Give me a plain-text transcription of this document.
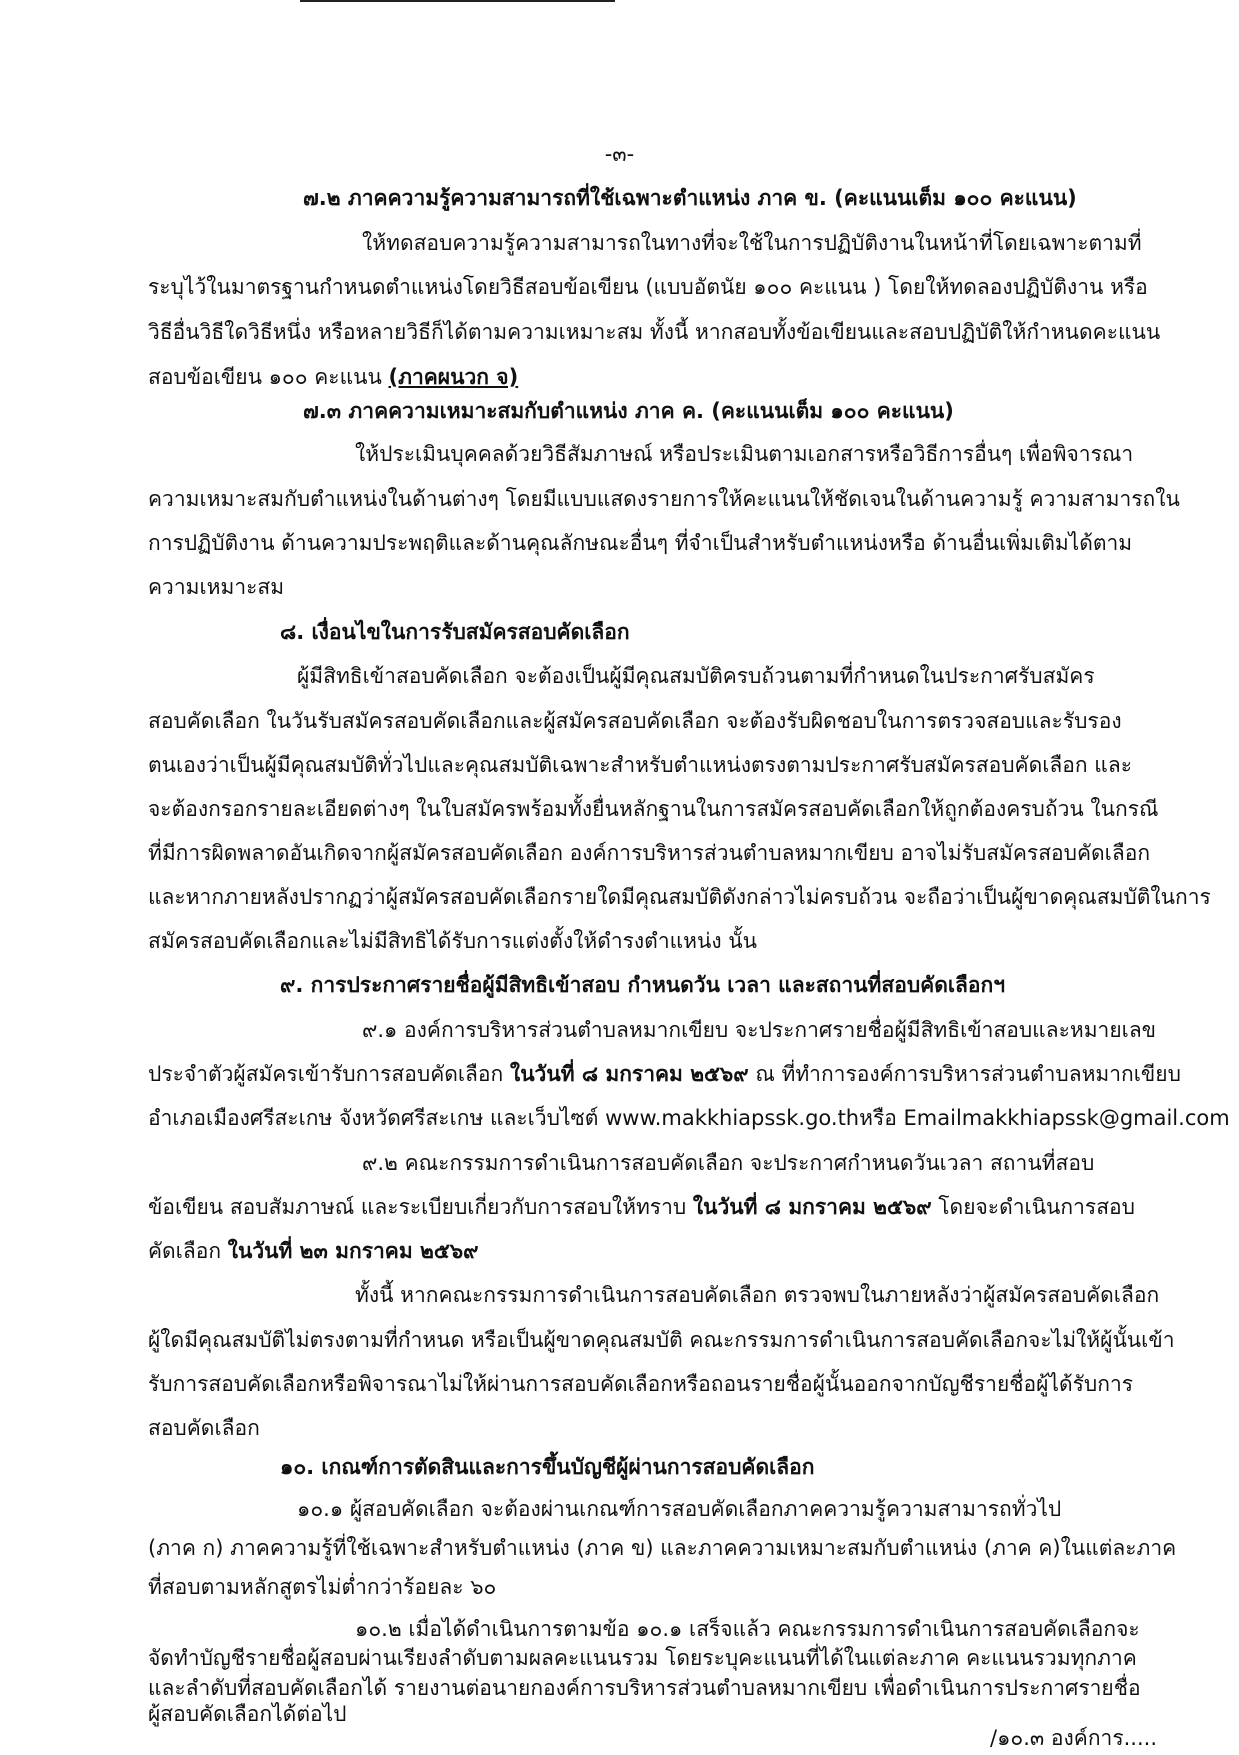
-๓-
๗.๒ ภาคความรู้ความสามารถที่ใช้เฉพาะตำแหน่ง ภาค ข. (คะแนนเต็ม ๑๐๐ คะแนน)
ให้ทดสอบความรู้ความสามารถในทางที่จะใช้ในการปฏิบัติงานในหน้าที่โดยเฉพาะตามที่
ระบุไว้ในมาตรฐานกำหนดตำแหน่งโดยวิธีสอบข้อเขียน (แบบอัตนัย ๑๐๐ คะแนน ) โดยให้ทดลองปฏิบัติงาน หรือ
วิธีอื่นวิธีใดวิธีหนึ่ง หรือหลายวิธีก็ได้ตามความเหมาะสม ทั้งนี้ หากสอบทั้งข้อเขียนและสอบปฏิบัติให้กำหนดคะแนน
สอบข้อเขียน ๑๐๐ คะแนน (ภาคผนวก จ)
๗.๓ ภาคความเหมาะสมกับตำแหน่ง ภาค ค. (คะแนนเต็ม ๑๐๐ คะแนน)
ให้ประเมินบุคคลด้วยวิธีสัมภาษณ์ หรือประเมินตามเอกสารหรือวิธีการอื่นๆ เพื่อพิจารณา
ความเหมาะสมกับตำแหน่งในด้านต่างๆ โดยมีแบบแสดงรายการให้คะแนนให้ชัดเจนในด้านความรู้ ความสามารถใน
การปฏิบัติงาน ด้านความประพฤติและด้านคุณลักษณะอื่นๆ ที่จำเป็นสำหรับตำแหน่งหรือ ด้านอื่นเพิ่มเติมได้ตาม
ความเหมาะสม
๘. เงื่อนไขในการรับสมัครสอบคัดเลือก
ผู้มีสิทธิเข้าสอบคัดเลือก จะต้องเป็นผู้มีคุณสมบัติครบถ้วนตามที่กำหนดในประกาศรับสมัคร
สอบคัดเลือก ในวันรับสมัครสอบคัดเลือกและผู้สมัครสอบคัดเลือก จะต้องรับผิดชอบในการตรวจสอบและรับรอง
ตนเองว่าเป็นผู้มีคุณสมบัติทั่วไปและคุณสมบัติเฉพาะสำหรับตำแหน่งตรงตามประกาศรับสมัครสอบคัดเลือก และ
จะต้องกรอกรายละเอียดต่างๆ ในใบสมัครพร้อมทั้งยื่นหลักฐานในการสมัครสอบคัดเลือกให้ถูกต้องครบถ้วน ในกรณี
ที่มีการผิดพลาดอันเกิดจากผู้สมัครสอบคัดเลือก องค์การบริหารส่วนตำบลหมากเขียบ อาจไม่รับสมัครสอบคัดเลือก
และหากภายหลังปรากฏว่าผู้สมัครสอบคัดเลือกรายใดมีคุณสมบัติดังกล่าวไม่ครบถ้วน จะถือว่าเป็นผู้ขาดคุณสมบัติในการ
สมัครสอบคัดเลือกและไม่มีสิทธิได้รับการแต่งตั้งให้ดำรงตำแหน่ง นั้น
๙. การประกาศรายชื่อผู้มีสิทธิเข้าสอบ กำหนดวัน เวลา และสถานที่สอบคัดเลือกฯ
๙.๑ องค์การบริหารส่วนตำบลหมากเขียบ จะประกาศรายชื่อผู้มีสิทธิเข้าสอบและหมายเลข
ประจำตัวผู้สมัครเข้ารับการสอบคัดเลือก ในวันที่ ๘ มกราคม ๒๕๖๙ ณ ที่ทำการองค์การบริหารส่วนตำบลหมากเขียบ
อำเภอเมืองศรีสะเกษ จังหวัดศรีสะเกษ และเว็บไซต์ www.makkhiapssk.go.thหรือ Emailmakkhiapssk@gmail.com
๙.๒ คณะกรรมการดำเนินการสอบคัดเลือก จะประกาศกำหนดวันเวลา สถานที่สอบ
ข้อเขียน สอบสัมภาษณ์ และระเบียบเกี่ยวกับการสอบให้ทราบ ในวันที่ ๘ มกราคม ๒๕๖๙ โดยจะดำเนินการสอบ
คัดเลือก ในวันที่ ๒๓ มกราคม ๒๕๖๙
ทั้งนี้ หากคณะกรรมการดำเนินการสอบคัดเลือก ตรวจพบในภายหลังว่าผู้สมัครสอบคัดเลือก
ผู้ใดมีคุณสมบัติไม่ตรงตามที่กำหนด หรือเป็นผู้ขาดคุณสมบัติ คณะกรรมการดำเนินการสอบคัดเลือกจะไม่ให้ผู้นั้นเข้า
รับการสอบคัดเลือกหรือพิจารณาไม่ให้ผ่านการสอบคัดเลือกหรือถอนรายชื่อผู้นั้นออกจากบัญชีรายชื่อผู้ได้รับการ
สอบคัดเลือก
๑๐. เกณฑ์การตัดสินและการขึ้นบัญชีผู้ผ่านการสอบคัดเลือก
๑๐.๑ ผู้สอบคัดเลือก จะต้องผ่านเกณฑ์การสอบคัดเลือกภาคความรู้ความสามารถทั่วไป
(ภาค ก) ภาคความรู้ที่ใช้เฉพาะสำหรับตำแหน่ง (ภาค ข) และภาคความเหมาะสมกับตำแหน่ง (ภาค ค)ในแต่ละภาค
ที่สอบตามหลักสูตรไม่ต่ำกว่าร้อยละ ๖๐
๑๐.๒ เมื่อได้ดำเนินการตามข้อ ๑๐.๑ เสร็จแล้ว คณะกรรมการดำเนินการสอบคัดเลือกจะ
จัดทำบัญชีรายชื่อผู้สอบผ่านเรียงลำดับตามผลคะแนนรวม โดยระบุคะแนนที่ได้ในแต่ละภาค คะแนนรวมทุกภาค
และลำดับที่สอบคัดเลือกได้ รายงานต่อนายกองค์การบริหารส่วนตำบลหมากเขียบ เพื่อดำเนินการประกาศรายชื่อ
ผู้สอบคัดเลือกได้ต่อไป
/๑๐.๓ องค์การ.....
